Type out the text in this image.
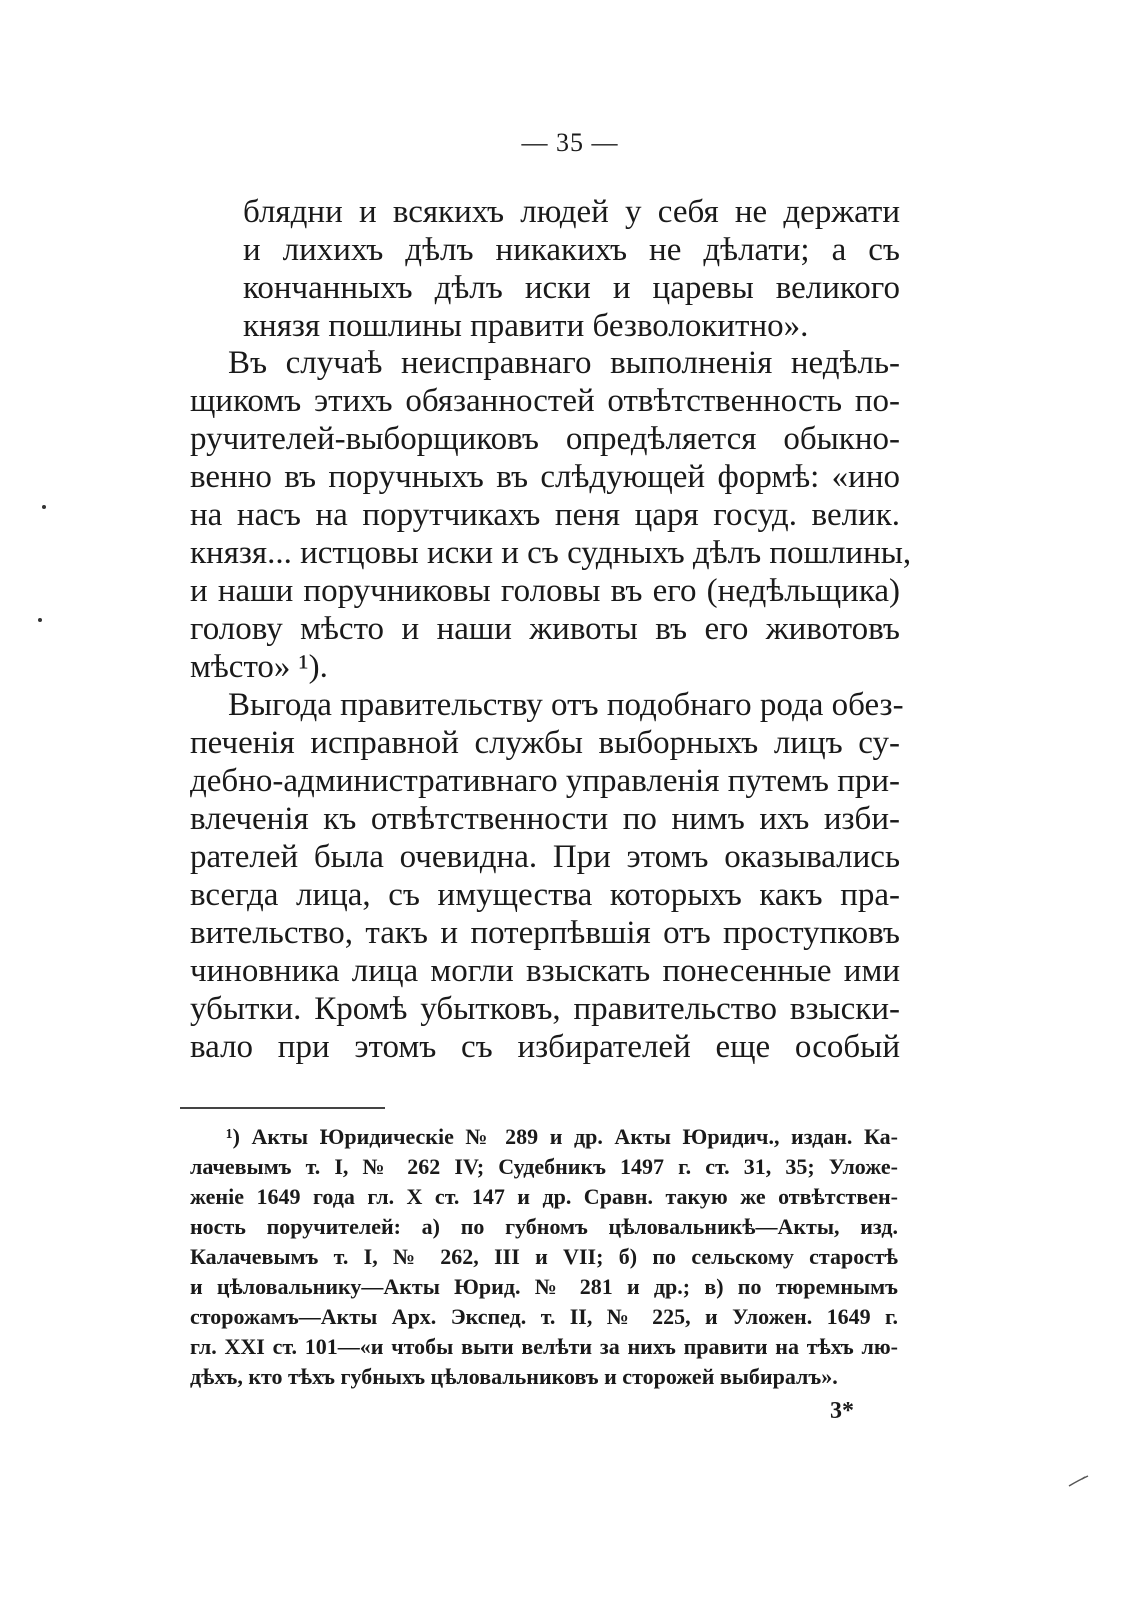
— 35 —
блядни и всякихъ людей у себя не держати
и лихихъ дѣлъ никакихъ не дѣлати; а съ
кончанныхъ дѣлъ иски и царевы великого
князя пошлины правити безволокитно».
Въ случаѣ неисправнаго выполненія недѣль-
щикомъ этихъ обязанностей отвѣтственность по-
ручителей-выборщиковъ опредѣляется обыкно-
венно въ поручныхъ въ слѣдующей формѣ: «ино
на насъ на порутчикахъ пеня царя госуд. велик.
князя... истцовы иски и съ судныхъ дѣлъ пошлины,
и наши поручниковы головы въ его (недѣльщика)
голову мѣсто и наши животы въ его животовъ
мѣсто» ¹).
Выгода правительству отъ подобнаго рода обез-
печенія исправной службы выборныхъ лицъ су-
дебно-административнаго управленія путемъ при-
влеченія къ отвѣтственности по нимъ ихъ изби-
рателей была очевидна. При этомъ оказывались
всегда лица, съ имущества которыхъ какъ пра-
вительство, такъ и потерпѣвшія отъ проступковъ
чиновника лица могли взыскать понесенные ими
убытки. Кромѣ убытковъ, правительство взыски-
вало при этомъ съ избирателей еще особый
¹) Акты Юридическіе № 289 и др. Акты Юридич., издан. Ка-
лачевымъ т. I, № 262 IV; Судебникъ 1497 г. ст. 31, 35; Уложе-
женіе 1649 года гл. X ст. 147 и др. Сравн. такую же отвѣтствен-
ность поручителей: а) по губномъ цѣловальникѣ—Акты, изд.
Калачевымъ т. I, № 262, III и VII; б) по сельскому старостѣ
и цѣловальнику—Акты Юрид. № 281 и др.; в) по тюремнымъ
сторожамъ—Акты Арх. Экспед. т. II, № 225, и Уложен. 1649 г.
гл. XXI ст. 101—«и чтобы выти велѣти за нихъ правити на тѣхъ лю-
дѣхъ, кто тѣхъ губныхъ цѣловальниковъ и сторожей выбиралъ».
3*
